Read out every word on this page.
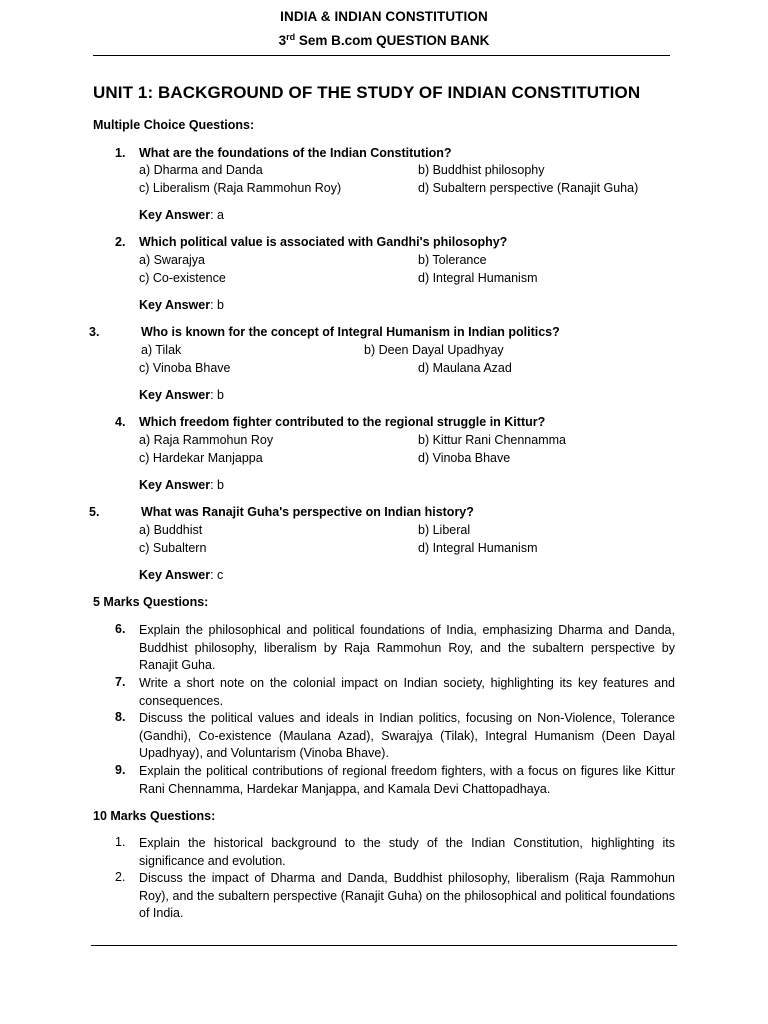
INDIA & INDIAN CONSTITUTION
3rd Sem B.com QUESTION BANK
UNIT 1: BACKGROUND OF THE STUDY OF INDIAN CONSTITUTION
Multiple Choice Questions:
1. What are the foundations of the Indian Constitution?
a) Dharma and Danda	b) Buddhist philosophy
c) Liberalism (Raja Rammohun Roy)	d) Subaltern perspective (Ranajit Guha)
Key Answer: a
2. Which political value is associated with Gandhi's philosophy?
a) Swarajya	b) Tolerance
c) Co-existence	d) Integral Humanism
Key Answer: b
3.	Who is known for the concept of Integral Humanism in Indian politics?
a) Tilak	b) Deen Dayal Upadhyay
c) Vinoba Bhave	d) Maulana Azad
Key Answer: b
4. Which freedom fighter contributed to the regional struggle in Kittur?
a) Raja Rammohun Roy	b) Kittur Rani Chennamma
c) Hardekar Manjappa	d) Vinoba Bhave
Key Answer: b
5.	What was Ranajit Guha's perspective on Indian history?
a) Buddhist	b) Liberal
c) Subaltern	d) Integral Humanism
Key Answer: c
5 Marks Questions:
6. Explain the philosophical and political foundations of India, emphasizing Dharma and Danda, Buddhist philosophy, liberalism by Raja Rammohun Roy, and the subaltern perspective by Ranajit Guha.
7. Write a short note on the colonial impact on Indian society, highlighting its key features and consequences.
8. Discuss the political values and ideals in Indian politics, focusing on Non-Violence, Tolerance (Gandhi), Co-existence (Maulana Azad), Swarajya (Tilak), Integral Humanism (Deen Dayal Upadhyay), and Voluntarism (Vinoba Bhave).
9. Explain the political contributions of regional freedom fighters, with a focus on figures like Kittur Rani Chennamma, Hardekar Manjappa, and Kamala Devi Chattopadhaya.
10 Marks Questions:
1. Explain the historical background to the study of the Indian Constitution, highlighting its significance and evolution.
2. Discuss the impact of Dharma and Danda, Buddhist philosophy, liberalism (Raja Rammohun Roy), and the subaltern perspective (Ranajit Guha) on the philosophical and political foundations of India.
